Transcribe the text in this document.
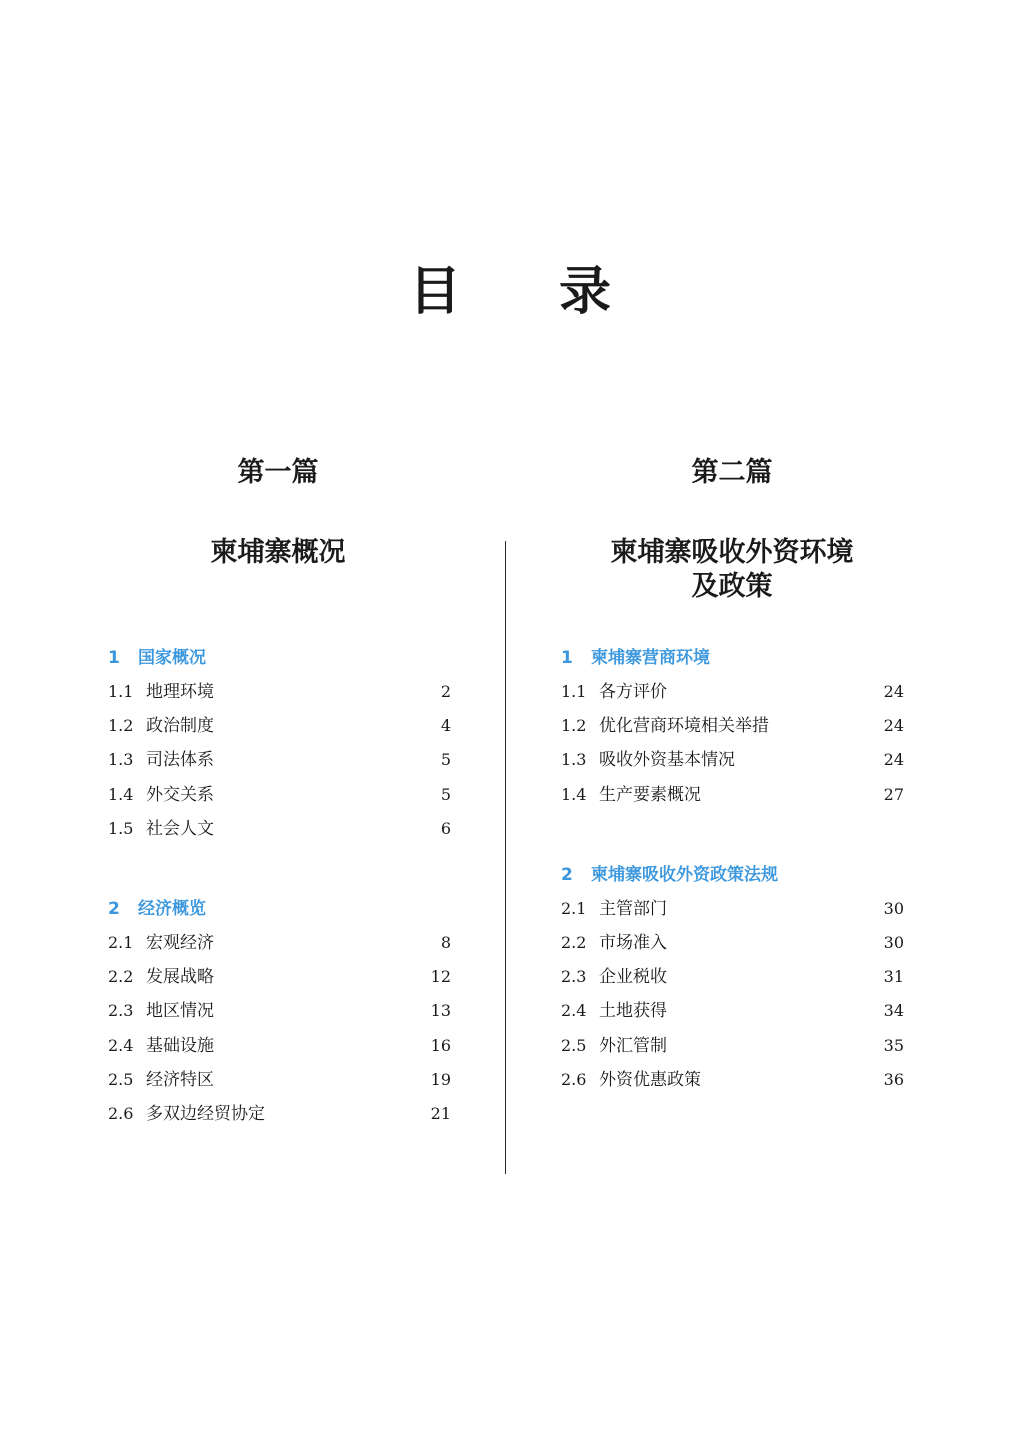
目录
第一篇
柬埔寨概况
第二篇
柬埔寨吸收外资环境
及政策
1 国家概况
1.1 地理环境	2
1.2 政治制度	4
1.3 司法体系	5
1.4 外交关系	5
1.5 社会人文	6
2 经济概览
2.1 宏观经济	8
2.2 发展战略	12
2.3 地区情况	13
2.4 基础设施	16
2.5 经济特区	19
2.6 多双边经贸协定	21
1 柬埔寨营商环境
1.1 各方评价	24
1.2 优化营商环境相关举措	24
1.3 吸收外资基本情况	24
1.4 生产要素概况	27
2 柬埔寨吸收外资政策法规
2.1 主管部门	30
2.2 市场准入	30
2.3 企业税收	31
2.4 土地获得	34
2.5 外汇管制	35
2.6 外资优惠政策	36
